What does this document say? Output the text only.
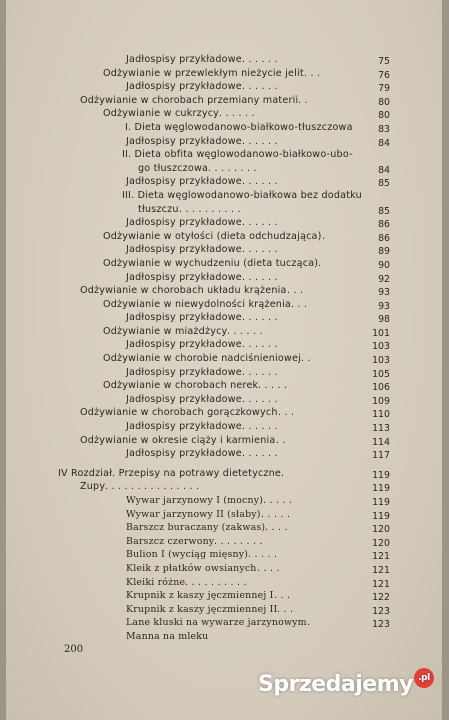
Jadłospisy przykładowe . . . . . .	75
Odżywianie w przewlekłym nieżycie jelit . . .	76
Jadłospisy przykładowe . . . . . .	79
Odżywianie w chorobach przemiany materii . .	80
Odżywianie w cukrzycy . . . . . .	80
I. Dieta węglowodanowo-białkowo-tłuszczowa	83
Jadłospisy przykładowe . . . . . .	84
II. Dieta obfita węglowodanowo-białkowo-ubo-
go tłuszczowa . . . . . . . .	84
Jadłospisy przykładowe . . . . . .	85
III. Dieta węglowodanowo-białkowa bez dodatku
tłuszczu . . . . . . . . . .	85
Jadłospisy przykładowe . . . . . .	86
Odżywianie w otyłości (dieta odchudzająca) .	86
Jadłospisy przykładowe . . . . . .	89
Odżywianie w wychudzeniu (dieta tucząca) .	90
Jadłospisy przykładowe . . . . . .	92
Odżywianie w chorobach układu krążenia . . .	93
Odżywianie w niewydolności krążenia . . .	93
Jadłospisy przykładowe . . . . . .	98
Odżywianie w miażdżycy . . . . . .	101
Jadłospisy przykładowe . . . . . .	103
Odżywianie w chorobie nadciśnieniowej . .	103
Jadłospisy przykładowe . . . . . .	105
Odżywianie w chorobach nerek . . . . .	106
Jadłospisy przykładowe . . . . . .	109
Odżywianie w chorobach gorączkowych . . .	110
Jadłospisy przykładowe . . . . . .	113
Odżywianie w okresie ciąży i karmienia . .	114
Jadłospisy przykładowe . . . . . .	117
IV Rozdział. Przepisy na potrawy dietetyczne .	119
Zupy . . . . . . . . . . . . . . .	119
Wywar jarzynowy I (mocny) . . . . .	119
Wywar jarzynowy II (słaby) . . . . .	119
Barszcz buraczany (zakwas) . . . .	120
Barszcz czerwony . . . . . . . .	120
Bulion I (wyciąg mięsny) . . . . .	121
Kleik z płatków owsianych . . . .	121
Kleiki różne . . . . . . . . . .	121
Krupnik z kaszy jęczmiennej I . . .	122
Krupnik z kaszy jęczmiennej II . . .	123
Lane kluski na wywarze jarzynowym .	123
Manna na mleku
200
Sprzedajemy .pl
